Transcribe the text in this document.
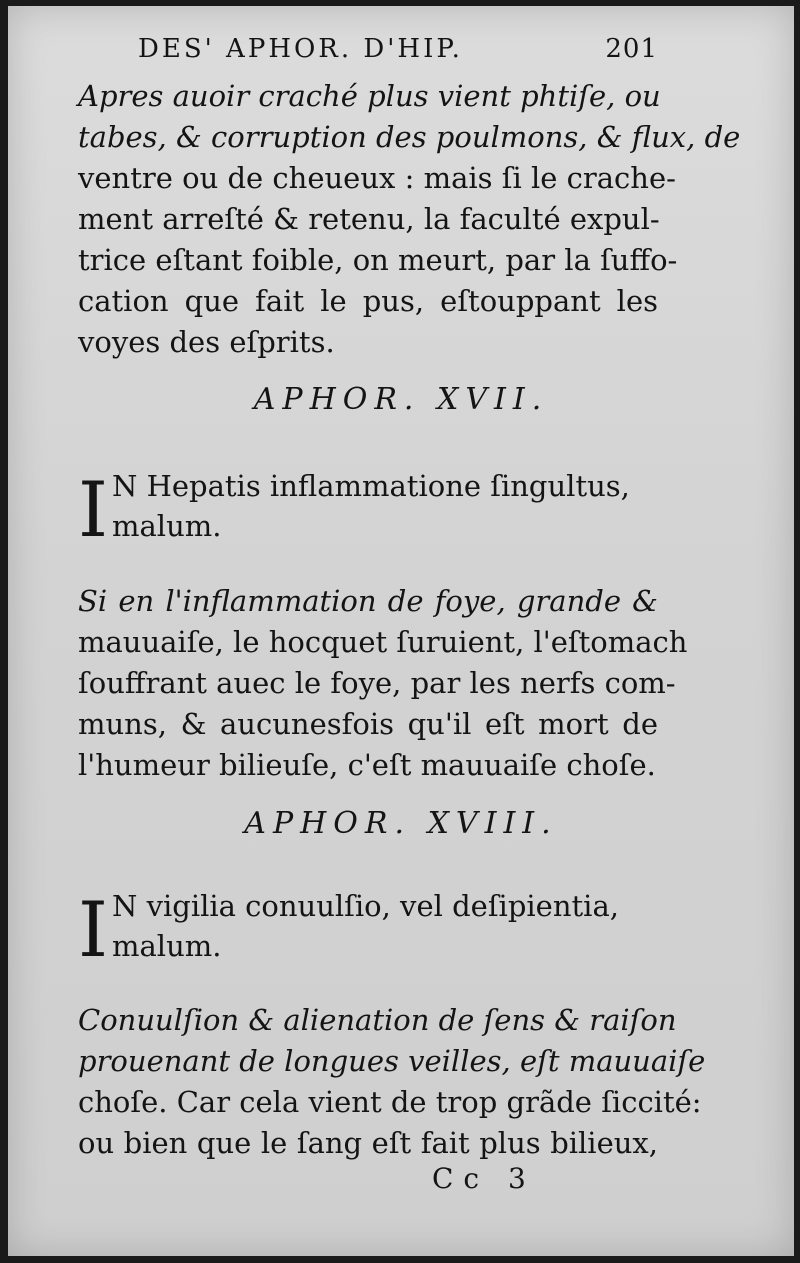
DES' APHOR. D'HIP.	201
Apres auoir craché plus vient phtiſe, ou
tabes, & corruption des poulmons, & flux, de
ventre ou de cheueux : mais ſi le crache-
ment arreſté & retenu, la faculté expul-
trice eſtant foible, on meurt, par la ſuffo-
cation que fait le pus, eſtouppant les
voyes des eſprits.
APHOR. XVII.
I N Hepatis inflammatione ſingultus,
malum.
Si en l'inflammation de foye, grande &
mauuaiſe, le hocquet ſuruient, l'eſtomach
ſouffrant auec le foye, par les nerfs com-
muns, & aucunesfois qu'il eſt mort de
l'humeur bilieuſe, c'eſt mauuaiſe choſe.
APHOR. XVIII.
I N vigilia conuulſio, vel deſipientia,
malum.
Conuulſion & alienation de ſens & raiſon
prouenant de longues veilles, eſt mauuaiſe
choſe. Car cela vient de trop grãde ſiccité:
ou bien que le ſang eſt fait plus bilieux,
Cc 3
